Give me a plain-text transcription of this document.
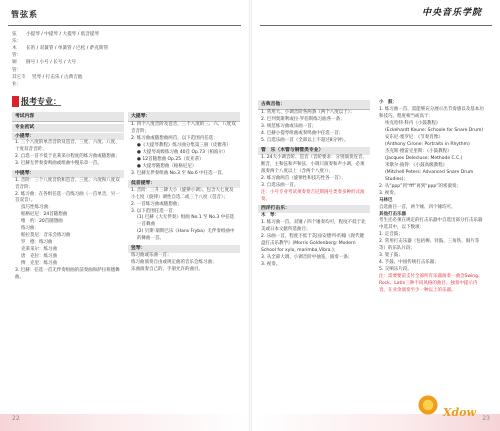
管弦系	中央音乐学院
弦　乐：
小提琴 / 中提琴 / 大提琴 / 低音提琴
木　管：
长笛 / 双簧管 / 单簧管 / 巴松 / 萨克斯管
铜　管：
圆号 / 小号 / 长号 / 大号
其它专业：
竖琴 / 打击乐 / 古典吉他
报考专业：
考试内容
专业初试
小提琴：
1. 三个八度的单音音阶及琶音，三度、六度、八度、十度双音音阶；
2. 自选一首不低于克莱采尔程度的练习曲或随想曲；
3. 巴赫无伴奏奏鸣曲或组曲中慢乐章一首。
中提琴：
1. 音阶：三个八度音阶和琶音，三度、六度和八度双音音阶；
2. 练习曲：在各组任选一首练习曲（一首单音，另一首双音）。
技巧性练习曲：
帕格尼尼：24首随想曲
维　约：20首随想曲
练习曲：
帕拉莫尼：音乐会练习曲
罗　德：练习曲
克莱采尔：练习曲
唐　克拉：练习曲
博　克里：练习曲
3. 巴赫：任选一首无伴奏组曲的前奏曲和萨拉班德舞曲。
大提琴：
1. 四个八度音阶及琶音，三个八度的三、六、八度双音音阶；
2. 练习曲或随想曲两首，以下范围内任选：
●《大提琴教程》练习曲分集第三册（皮雅蒂）
● 大提琴高级练习曲 40首 Op.73（柏波尔）
● 12首随想曲 Op.25（皮亚蒂）
● 大提琴随想曲（帕格尼尼）
3. 巴赫无伴奏组曲 No.3 至 No.6 中任选一首。
低音提琴：
1. 音阶：三升三降大小（旋律小调）、包含大七度及小七度（旋律）调性自选二或三个八度（琶音）；
2. 一首练习曲或随想曲；
3. 以下范围任选一首：
(1) 巴赫《大无伴奏》组曲 No.1 至 No.3 中任选一首舞曲
(2) 贝斯·瑞斯巴乐《Hans Fryba》无伴奏组曲中的舞曲一首。
竖琴：
练习曲或乐曲一首；
练习曲演奏自由或规定曲的音乐会练习曲；
乐曲演奏自己的、手册允许的曲目。
古典吉他：
1. 常用大、小调音阶各两条（两个八度以上）；
2. 巴列奥斯利或拉·罗伯斯练习曲各一条；
3. 规范练习曲或乐曲一首；
4. 巴赫小提琴组曲或奏鸣曲中任选一首；
5. 自选乐曲一首（全部以上不超过8分钟）。
管　乐（木管与铜管类专业）
1. 24大小调音阶、琶音（音阶要求：分别演奏连音、断音，主和弦和声和弦、小调只演奏和声小调，必须演奏两个八度以上（含两个八度））；
2. 练习曲两首（旋律性和技巧性各一首）；
3. 自选乐曲一首。
注：小号专业考试须奏奏吉尼斯圆号类奏多种形式演奏。
西洋打击乐：
木　琴：
1. 练习曲一首，双锤 / 四个锤奏均可，程度不低于北美或日本文献所选曲目；
2. 乐曲一首，程度不低于美国/安德列·约翰《现代键盘打击乐教学》(Morris Goldenberg: Modern School for xylo, marimba,Vibra.)；
3. 从全部大调、小调音阶中抽签，演奏一条；
3. 视奏。
小　鼓：
1. 练习曲一首，需能够充分展示出节奏感以及基本功和技巧。程度相当或高于：
埃克哈特·科内《小鼓教程》
(Eckehardt Keune: Schoole for Snare Drum)
安东尼·塞罗尼：《节奏肖像》
(Anthony Cirone: Portraits in Rhythm)
杰克斯·德雷克里斯：《小鼓教程》
(Jacques Delecluse: Methode C.C.)
米歇尔·彼得：《小鼓高级教程》
(Mitchell Peters: Advanced Snare Drum Studies)；
2. 从“ppp”到“fff”再到“ppp”的密滚奏；
3. 视奏。
马林巴
自选曲目一首，两个锤、四个锤均可。
其他打击乐器
考生还必须在规定的打击乐器中自选出部分打击乐器中选其中，以下数项：
1. 定音鼓；
2. 常用打击乐器（包括檫、铃鼓、三角铁、铜片等等）的乐队片段；
3. 架子鼓；
4. 手鼓、中国传统打击乐器；
5. 交响乐片段。
注：需要要前支付全部所有乐器演奏一曲含Swing、Rock、Latin三种不同风格的曲目。独奏中提示内容，在业余演奏至少一种以上的乐器。
22	23
Xdow
